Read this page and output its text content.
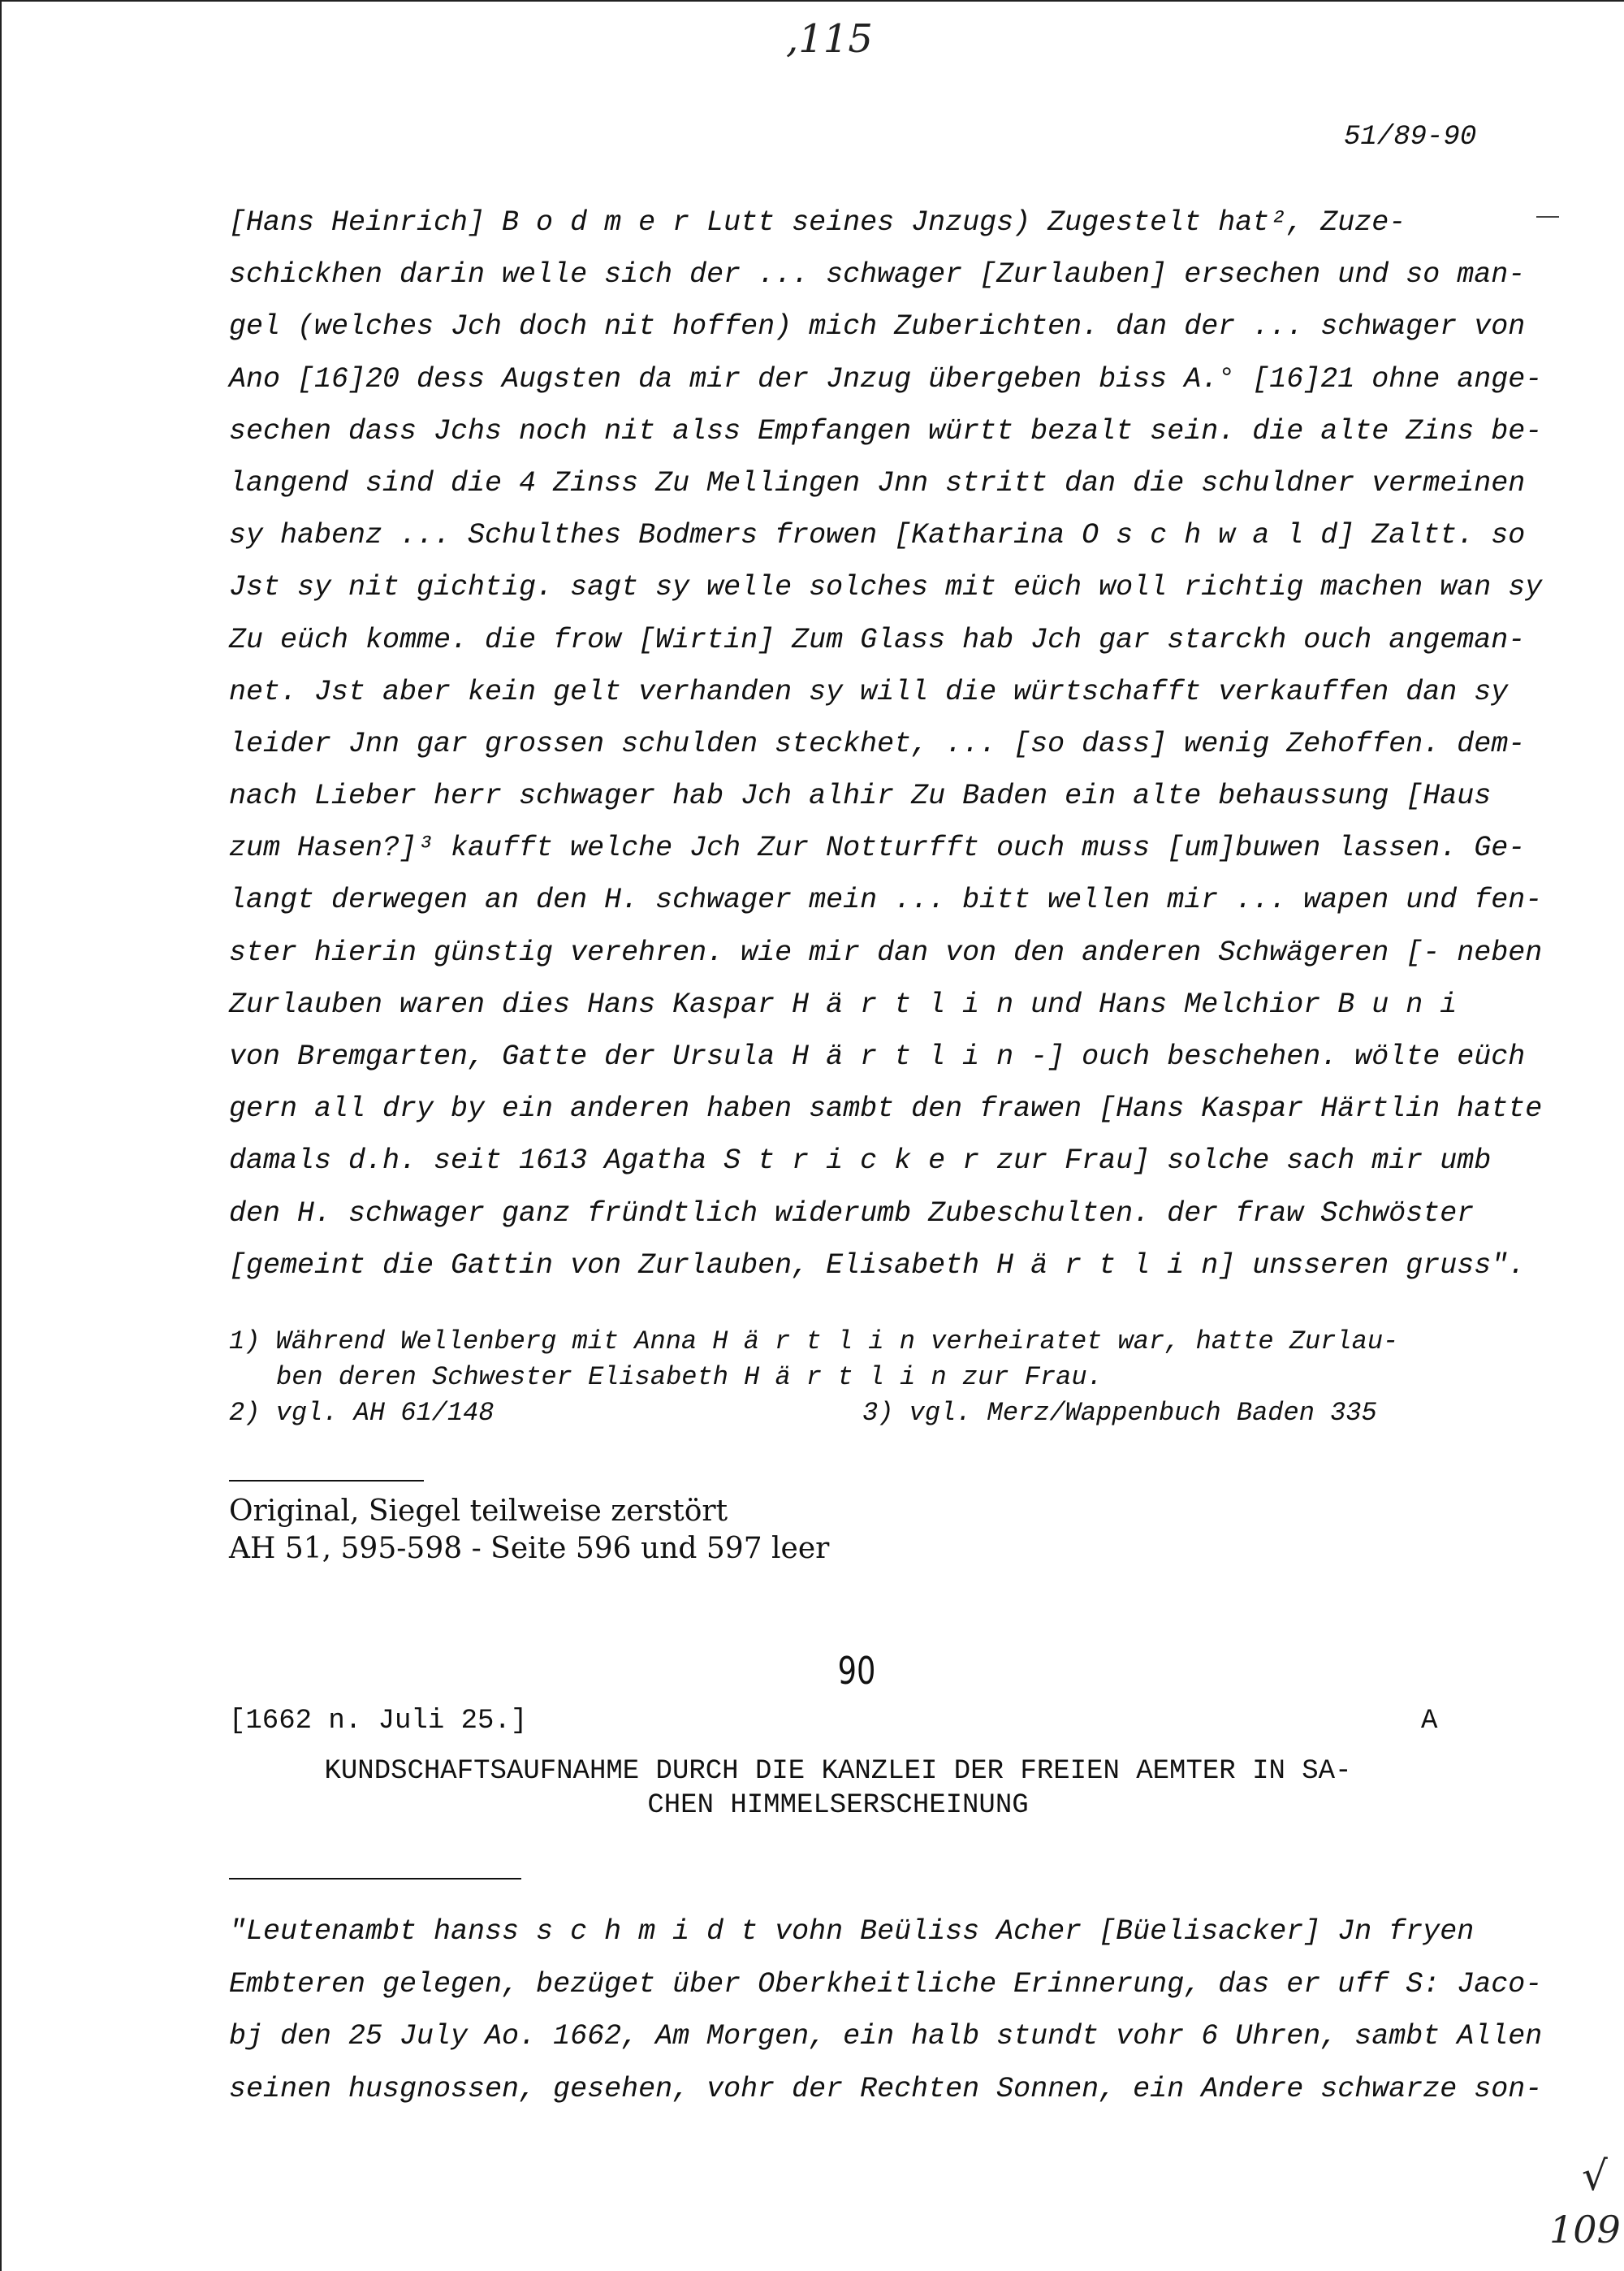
,115
51/89-90
[Hans Heinrich] B o d m e r Lutt seines Jnzugs) Zugestelt hat², Zuze-
schickhen darin welle sich der ... schwager [Zurlauben] ersechen und so man-
gel (welches Jch doch nit hoffen) mich Zuberichten. dan der ... schwager von
Ano [16]20 dess Augsten da mir der Jnzug übergeben biss A.° [16]21 ohne ange-
sechen dass Jchs noch nit alss Empfangen württ bezalt sein. die alte Zins be-
langend sind die 4 Zinss Zu Mellingen Jnn stritt dan die schuldner vermeinen
sy habenz ... Schulthes Bodmers frowen [Katharina O s c h w a l d] Zaltt. so
Jst sy nit gichtig. sagt sy welle solches mit eüch woll richtig machen wan sy
Zu eüch komme. die frow [Wirtin] Zum Glass hab Jch gar starckh ouch angeman-
net. Jst aber kein gelt verhanden sy will die würtschafft verkauffen dan sy
leider Jnn gar grossen schulden steckhet, ... [so dass] wenig Zehoffen. dem-
nach Lieber herr schwager hab Jch alhir Zu Baden ein alte behaussung [Haus
zum Hasen?]³ kaufft welche Jch Zur Notturfft ouch muss [um]buwen lassen. Ge-
langt derwegen an den H. schwager mein ... bitt wellen mir ... wapen und fen-
ster hierin günstig verehren. wie mir dan von den anderen Schwägeren [- neben
Zurlauben waren dies Hans Kaspar H ä r t l i n und Hans Melchior B u n i
von Bremgarten, Gatte der Ursula H ä r t l i n -] ouch beschehen. wölte eüch
gern all dry by ein anderen haben sambt den frawen [Hans Kaspar Härtlin hatte
damals d.h. seit 1613 Agatha S t r i c k e r zur Frau] solche sach mir umb
den H. schwager ganz fründtlich widerumb Zubeschulten. der fraw Schwöster
[gemeint die Gattin von Zurlauben, Elisabeth H ä r t l i n] unsseren gruss".
1) Während Wellenberg mit Anna H ä r t l i n verheiratet war, hatte Zurlau-
ben deren Schwester Elisabeth H ä r t l i n zur Frau.
2) vgl. AH 61/148	3) vgl. Merz/Wappenbuch Baden 335
Original, Siegel teilweise zerstört
AH 51, 595-598 - Seite 596 und 597 leer
90
[1662 n. Juli 25.]	A
KUNDSCHAFTSAUFNAHME DURCH DIE KANZLEI DER FREIEN AEMTER IN SA-
CHEN HIMMELSERSCHEINUNG
"Leutenambt hanss s c h m i d t vohn Beüliss Acher [Büelisacker] Jn fryen
Embteren gelegen, bezüget über Oberkheitliche Erinnerung, das er uff S: Jaco-
bj den 25 July Ao. 1662, Am Morgen, ein halb stundt vohr 6 Uhren, sambt Allen
seinen husgnossen, gesehen, vohr der Rechten Sonnen, ein Andere schwarze son-
√
109
